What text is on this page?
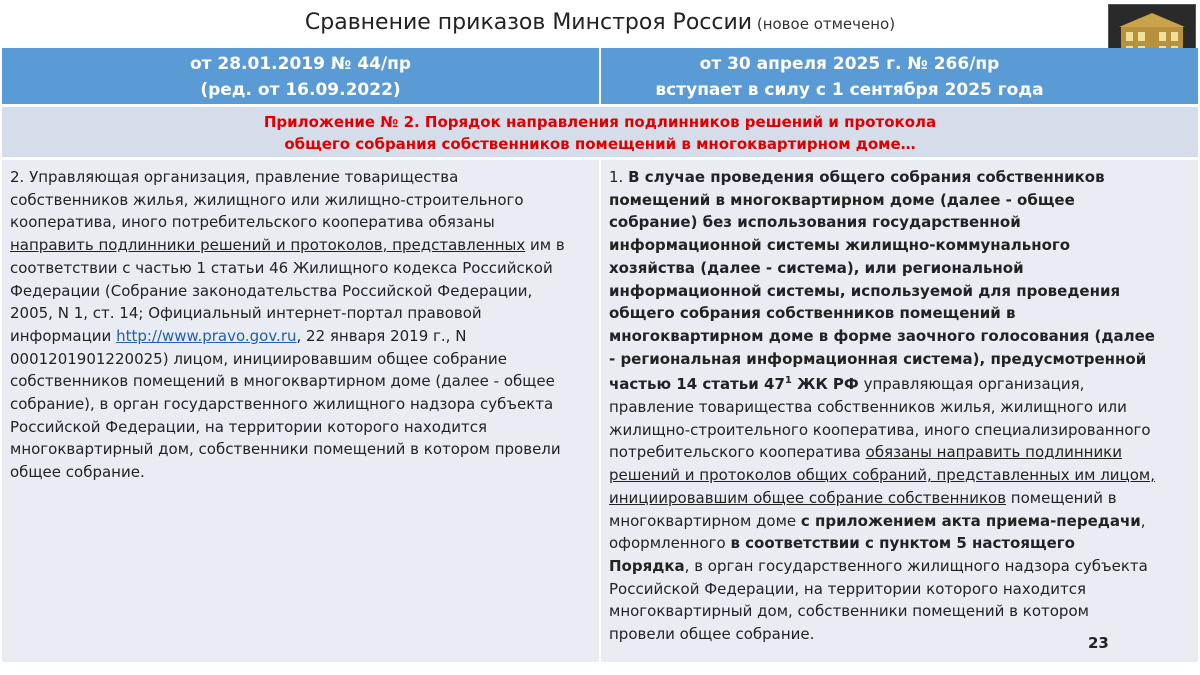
Сравнение приказов Минстроя России (новое отмечено)
от 28.01.2019 № 44/пр
(ред. от 16.09.2022)
от 30 апреля 2025 г. № 266/пр
вступает в силу с 1 сентября 2025 года
Приложение № 2. Порядок направления подлинников решений и протокола
общего собрания собственников помещений в многоквартирном доме…

2. Управляющая организация, правление товарищества собственников жилья, жилищного или жилищно-строительного кооператива, иного потребительского кооператива обязаны направить подлинники решений и протоколов, представленных им в соответствии с частью 1 статьи 46 Жилищного кодекса Российской Федерации (Собрание законодательства Российской Федерации, 2005, N 1, ст. 14; Официальный интернет-портал правовой информации http://www.pravo.gov.ru, 22 января 2019 г., N 0001201901220025) лицом, инициировавшим общее собрание собственников помещений в многоквартирном доме (далее - общее собрание), в орган государственного жилищного надзора субъекта Российской Федерации, на территории которого находится многоквартирный дом, собственники помещений в котором провели общее собрание.

1. В случае проведения общего собрания собственников помещений в многоквартирном доме (далее - общее собрание) без использования государственной информационной системы жилищно-коммунального хозяйства (далее - система), или региональной информационной системы, используемой для проведения общего собрания собственников помещений в многоквартирном доме в форме заочного голосования (далее - региональная информационная система), предусмотренной частью 14 статьи $47^1$ ЖК РФ управляющая организация, правление товарищества собственников жилья, жилищного или жилищно-строительного кооператива, иного специализированного потребительского кооператива обязаны направить подлинники решений и протоколов общих собраний, представленных им лицом, инициировавшим общее собрание собственников помещений в многоквартирном доме с приложением акта приема-передачи, оформленного в соответствии с пунктом 5 настоящего Порядка, в орган государственного жилищного надзора субъекта Российской Федерации, на территории которого находится многоквартирный дом, собственники помещений в котором провели общее собрание.	23
